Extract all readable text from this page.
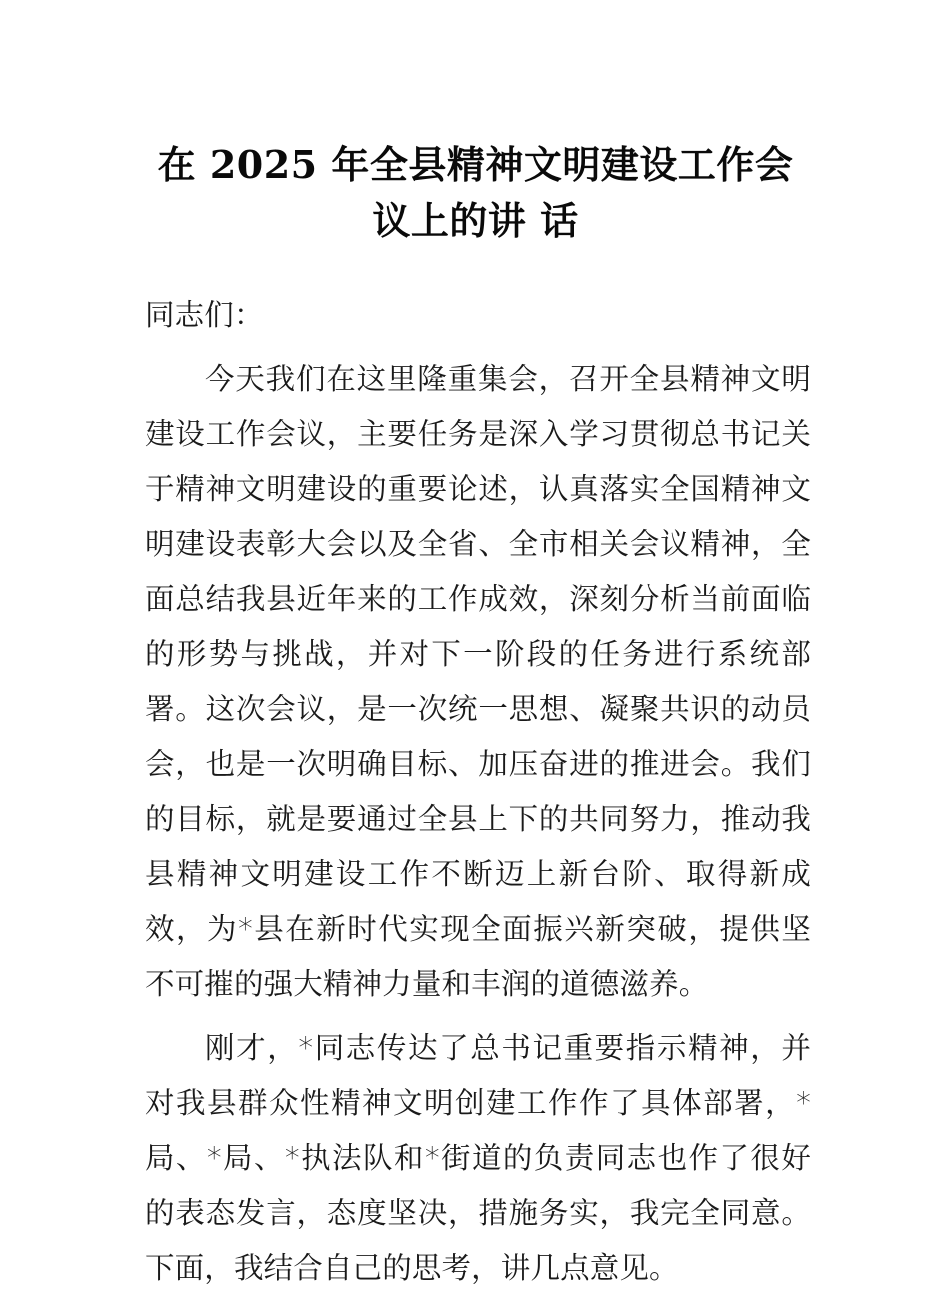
在 2025 年全县精神文明建设工作会议上的讲 话

同志们：

今天我们在这里隆重集会，召开全县精神文明建设工作会议，主要任务是深入学习贯彻总书记关于精神文明建设的重要论述，认真落实全国精神文明建设表彰大会以及全省、全市相关会议精神，全面总结我县近年来的工作成效，深刻分析当前面临的形势与挑战，并对下一阶段的任务进行系统部署。这次会议，是一次统一思想、凝聚共识的动员会，也是一次明确目标、加压奋进的推进会。我们的目标，就是要通过全县上下的共同努力，推动我县精神文明建设工作不断迈上新台阶、取得新成效，为*县在新时代实现全面振兴新突破，提供坚不可摧的强大精神力量和丰润的道德滋养。

刚才，*同志传达了总书记重要指示精神，并对我县群众性精神文明创建工作作了具体部署，*局、*局、*执法队和*街道的负责同志也作了很好的表态发言，态度坚决，措施务实，我完全同意。下面，我结合自己的思考，讲几点意见。
